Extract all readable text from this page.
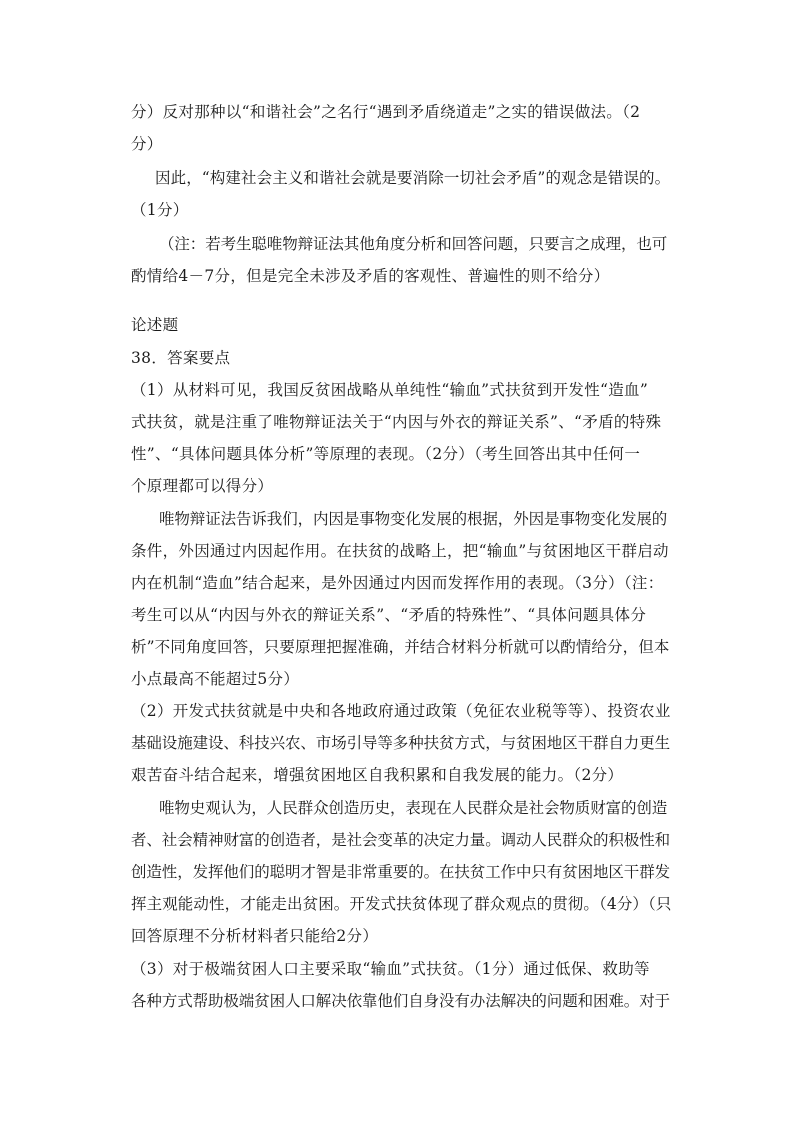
分）反对那种以“和谐社会”之名行“遇到矛盾绕道走”之实的错误做法。（2
分）
因此，“构建社会主义和谐社会就是要消除一切社会矛盾”的观念是错误的。
（1分）
（注：若考生聪唯物辩证法其他角度分析和回答问题，只要言之成理，也可
酌情给4－7分，但是完全未涉及矛盾的客观性、普遍性的则不给分）
论述题
38．答案要点
（1）从材料可见，我国反贫困战略从单纯性“输血”式扶贫到开发性“造血”
式扶贫，就是注重了唯物辩证法关于“内因与外衣的辩证关系”、“矛盾的特殊
性”、“具体问题具体分析”等原理的表现。（2分）（考生回答出其中任何一
个原理都可以得分）
唯物辩证法告诉我们，内因是事物变化发展的根据，外因是事物变化发展的
条件，外因通过内因起作用。在扶贫的战略上，把“输血”与贫困地区干群启动
内在机制“造血”结合起来，是外因通过内因而发挥作用的表现。（3分）（注：
考生可以从“内因与外衣的辩证关系”、“矛盾的特殊性”、“具体问题具体分
析”不同角度回答，只要原理把握准确，并结合材料分析就可以酌情给分，但本
小点最高不能超过5分）
（2）开发式扶贫就是中央和各地政府通过政策（免征农业税等等）、投资农业
基础设施建设、科技兴农、市场引导等多种扶贫方式，与贫困地区干群自力更生
艰苦奋斗结合起来，增强贫困地区自我积累和自我发展的能力。（2分）
唯物史观认为，人民群众创造历史，表现在人民群众是社会物质财富的创造
者、社会精神财富的创造者，是社会变革的决定力量。调动人民群众的积极性和
创造性，发挥他们的聪明才智是非常重要的。在扶贫工作中只有贫困地区干群发
挥主观能动性，才能走出贫困。开发式扶贫体现了群众观点的贯彻。（4分）（只
回答原理不分析材料者只能给2分）
（3）对于极端贫困人口主要采取“输血”式扶贫。（1分）通过低保、救助等
各种方式帮助极端贫困人口解决依靠他们自身没有办法解决的问题和困难。对于
